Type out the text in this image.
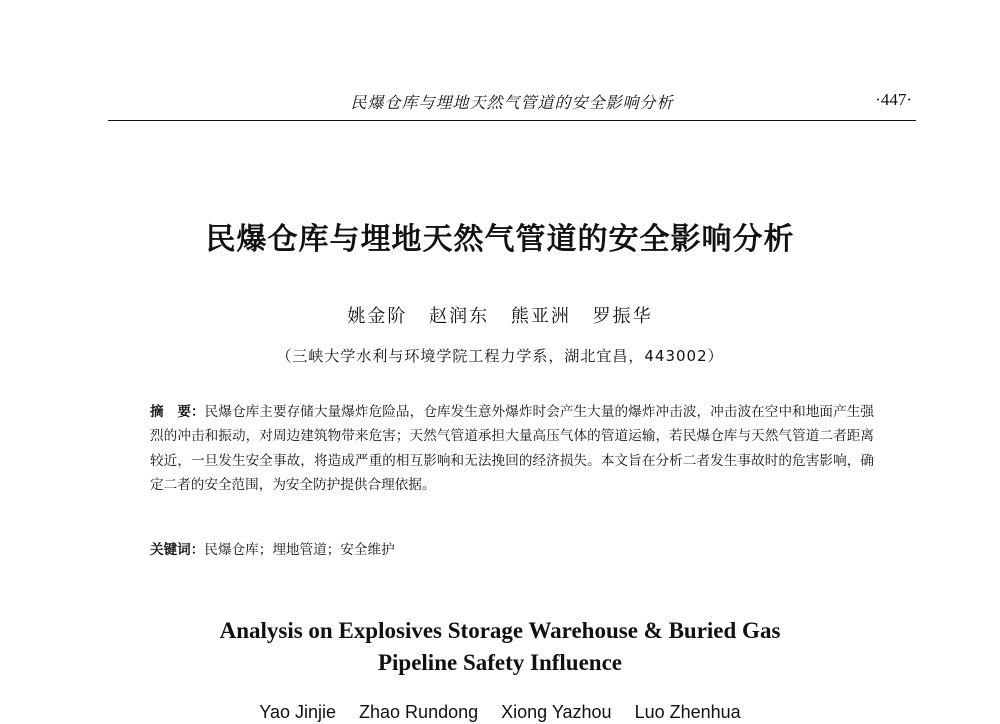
民爆仓库与埋地天然气管道的安全影响分析	·447·
民爆仓库与埋地天然气管道的安全影响分析
姚金阶 赵润东 熊亚洲 罗振华
（三峡大学水利与环境学院工程力学系，湖北宜昌，443002）
摘　要：民爆仓库主要存储大量爆炸危险品，仓库发生意外爆炸时会产生大量的爆炸冲击波，冲击波在空中和地面产生强烈的冲击和振动，对周边建筑物带来危害；天然气管道承担大量高压气体的管道运输，若民爆仓库与天然气管道二者距离较近，一旦发生安全事故，将造成严重的相互影响和无法挽回的经济损失。本文旨在分析二者发生事故时的危害影响，确定二者的安全范围，为安全防护提供合理依据。
关键词：民爆仓库；埋地管道；安全维护
Analysis on Explosives Storage Warehouse & Buried Gas
Pipeline Safety Influence
Yao Jinjie Zhao Rundong Xiong Yazhou Luo Zhenhua
